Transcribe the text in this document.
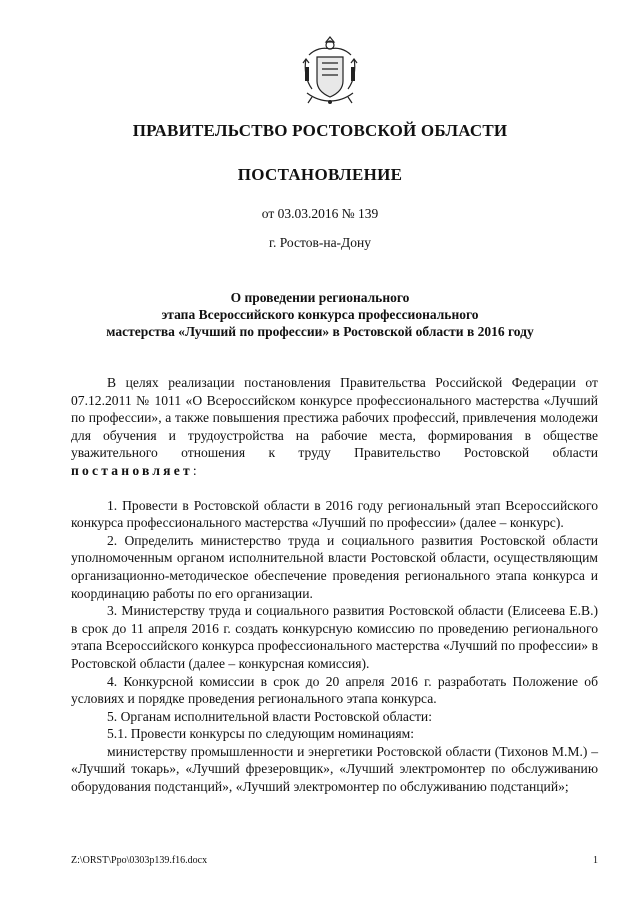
ПРАВИТЕЛЬСТВО РОСТОВСКОЙ ОБЛАСТИ
ПОСТАНОВЛЕНИЕ
от 03.03.2016 № 139
г. Ростов-на-Дону
О проведении регионального
этапа Всероссийского конкурса профессионального
мастерства «Лучший по профессии» в Ростовской области в 2016 году

В целях реализации постановления Правительства Российской Федерации от 07.12.2011 № 1011 «О Всероссийском конкурсе профессионального мастерства «Лучший по профессии», а также повышения престижа рабочих профессий, привлечения молодежи для обучения и трудоустройства на рабочие места, формирования в обществе уважительного отношения к труду Правительство Ростовской области постановляет:

1. Провести в Ростовской области в 2016 году региональный этап Всероссийского конкурса профессионального мастерства «Лучший по профессии» (далее – конкурс).

2. Определить министерство труда и социального развития Ростовской области уполномоченным органом исполнительной власти Ростовской области, осуществляющим организационно-методическое обеспечение проведения регионального этапа конкурса и координацию работы по его организации.

3. Министерству труда и социального развития Ростовской области (Елисеева Е.В.) в срок до 11 апреля 2016 г. создать конкурсную комиссию по проведению регионального этапа Всероссийского конкурса профессионального мастерства «Лучший по профессии» в Ростовской области (далее – конкурсная комиссия).

4. Конкурсной комиссии в срок до 20 апреля 2016 г. разработать Положение об условиях и порядке проведения регионального этапа конкурса.

5. Органам исполнительной власти Ростовской области:

5.1. Провести конкурсы по следующим номинациям:

министерству промышленности и энергетики Ростовской области (Тихонов М.М.) – «Лучший токарь», «Лучший фрезеровщик», «Лучший электромонтер по обслуживанию оборудования подстанций», «Лучший электромонтер по обслуживанию подстанций»;

Z:\ORST\Ppo\0303p139.f16.docx	1
